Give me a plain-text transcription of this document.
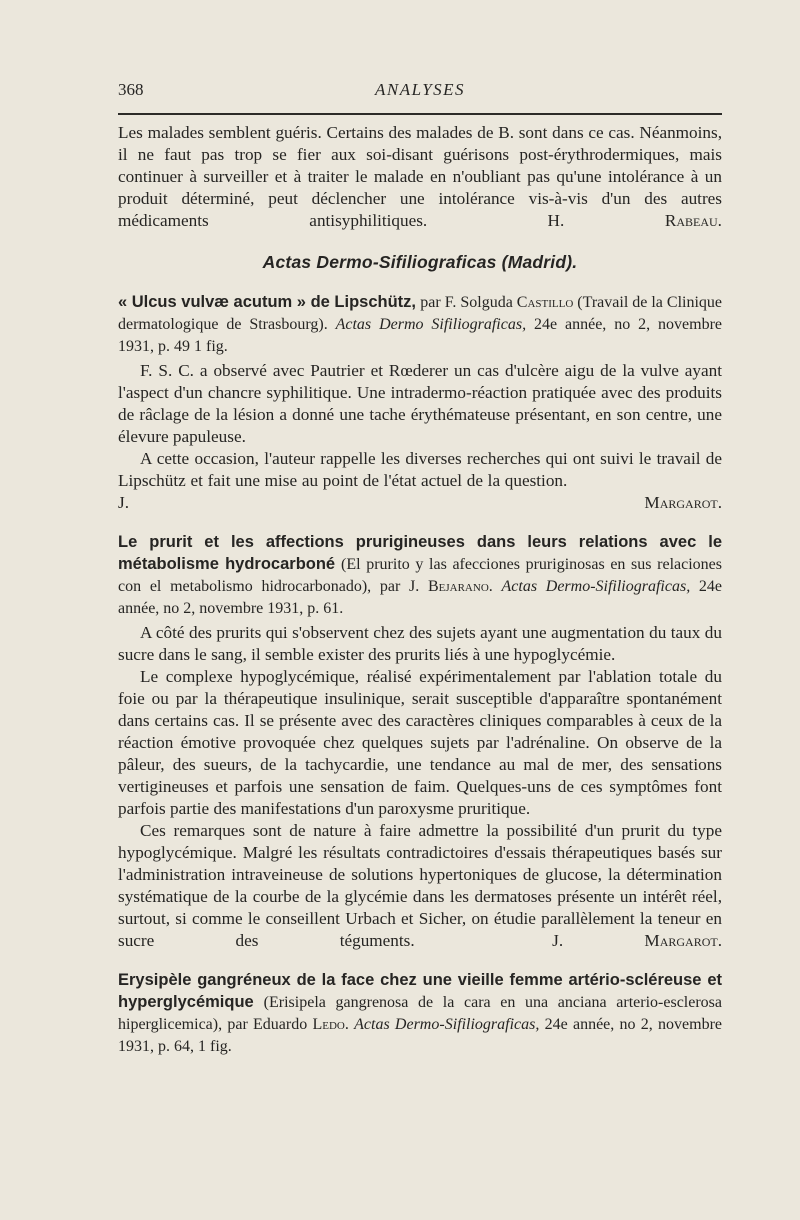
368	ANALYSES

Les malades semblent guéris. Certains des malades de B. sont dans ce cas. Néanmoins, il ne faut pas trop se fier aux soi-disant guérisons post-érythrodermiques, mais continuer à surveiller et à traiter le malade en n'oubliant pas qu'une intolérance à un produit déterminé, peut déclencher une intolérance vis-à-vis d'un des autres médicaments antisyphilitiques.       	H. Rabeau.

Actas Dermo-Sifiliograficas (Madrid).

« Ulcus vulvæ acutum » de Lipschütz, par F. Solguda Castillo (Travail de la Clinique dermatologique de Strasbourg). Actas Dermo Sifiliograficas, 24e année, no 2, novembre 1931, p. 49 1 fig.

F. S. C. a observé avec Pautrier et Rœderer un cas d'ulcère aigu de la vulve ayant l'aspect d'un chancre syphilitique. Une intradermo-réaction pratiquée avec des produits de râclage de la lésion a donné une tache érythémateuse présentant, en son centre, une élevure papuleuse.

A cette occasion, l'auteur rappelle les diverses recherches qui ont suivi le travail de Lipschütz et fait une mise au point de l'état actuel de la question.         J. Margarot.

Le prurit et les affections prurigineuses dans leurs relations avec le métabolisme hydrocarboné (El prurito y las afecciones pruriginosas en sus relaciones con el metabolismo hidrocarbonado), par J. Bejarano. Actas Dermo-Sifiliograficas, 24e année, no 2, novembre 1931, p. 61.

A côté des prurits qui s'observent chez des sujets ayant une augmentation du taux du sucre dans le sang, il semble exister des prurits liés à une hypoglycémie.

Le complexe hypoglycémique, réalisé expérimentalement par l'ablation totale du foie ou par la thérapeutique insulinique, serait susceptible d'apparaître spontanément dans certains cas. Il se présente avec des caractères cliniques comparables à ceux de la réaction émotive provoquée chez quelques sujets par l'adrénaline. On observe de la pâleur, des sueurs, de la tachycardie, une tendance au mal de mer, des sensations vertigineuses et parfois une sensation de faim. Quelques-uns de ces symptômes font parfois partie des manifestations d'un paroxysme pruritique.

Ces remarques sont de nature à faire admettre la possibilité d'un prurit du type hypoglycémique. Malgré les résultats contradictoires d'essais thérapeutiques basés sur l'administration intraveineuse de solutions hypertoniques de glucose, la détermination systématique de la courbe de la glycémie dans les dermatoses présente un intérêt réel, surtout, si comme le conseillent Urbach et Sicher, on étudie parallèlement la teneur en sucre des téguments.        	J. Margarot.

Erysipèle gangréneux de la face chez une vieille femme artério-scléreuse et hyperglycémique (Erisipela gangrenosa de la cara en una anciana arterio-esclerosa hiperglicemica), par Eduardo Ledo. Actas Dermo-Sifiliograficas, 24e année, no 2, novembre 1931, p. 64, 1 fig.
